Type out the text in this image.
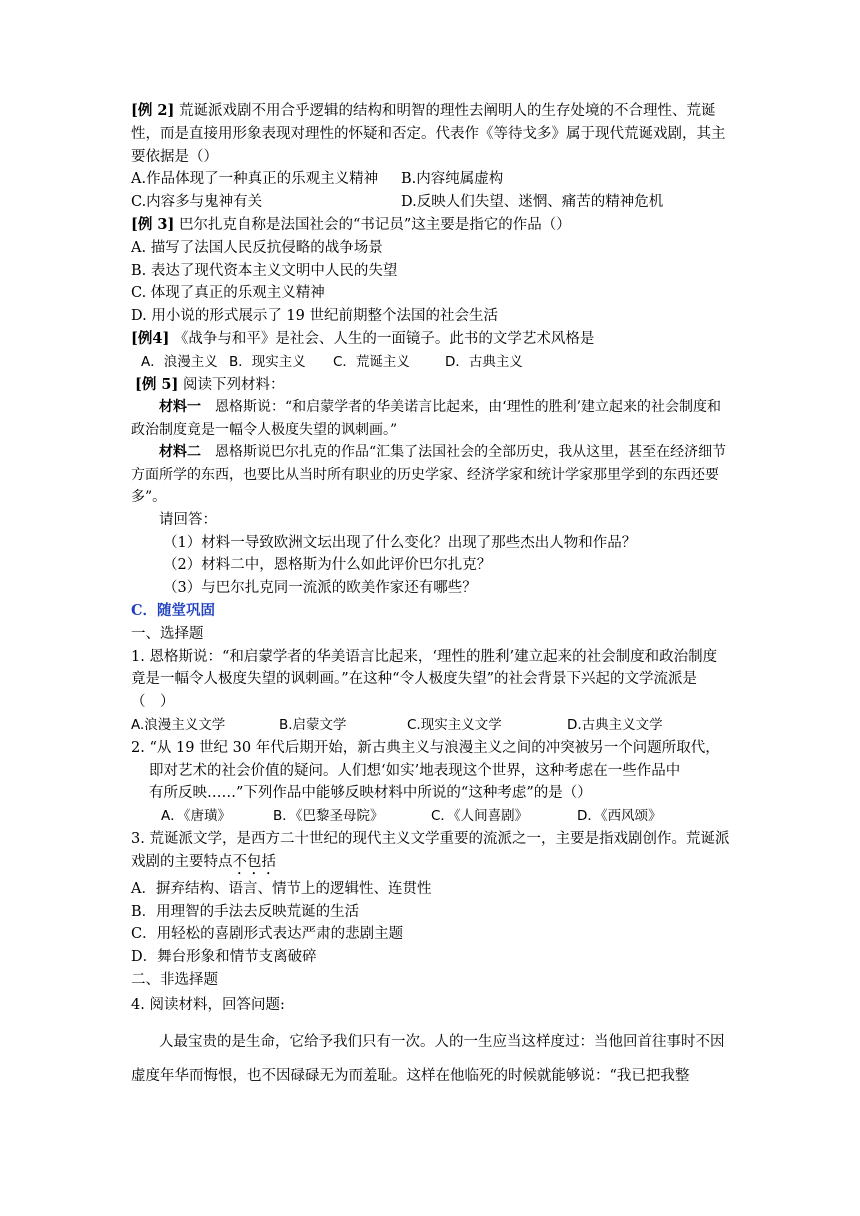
[例 2] 荒诞派戏剧不用合乎逻辑的结构和明智的理性去阐明人的生存处境的不合理性、荒诞性，而是直接用形象表现对理性的怀疑和否定。代表作《等待戈多》属于现代荒诞戏剧，其主要依据是（）
A.作品体现了一种真正的乐观主义精神	B.内容纯属虚构
C.内容多与鬼神有关	D.反映人们失望、迷惘、痛苦的精神危机
[例 3] 巴尔扎克自称是法国社会的“书记员”这主要是指它的作品（）
A. 描写了法国人民反抗侵略的战争场景
B. 表达了现代资本主义文明中人民的失望
C. 体现了真正的乐观主义精神
D. 用小说的形式展示了 19 世纪前期整个法国的社会生活
[例4] 《战争与和平》是社会、人生的一面镜子。此书的文学艺术风格是
A．浪漫主义 B．现实主义	C．荒诞主义	D．古典主义
[例 5] 阅读下列材料：
材料一　 恩格斯说：“和启蒙学者的华美诺言比起来，由‘理性的胜利’建立起来的社会制度和政治制度竟是一幅令人极度失望的讽刺画。”
材料二　 恩格斯说巴尔扎克的作品“汇集了法国社会的全部历史，我从这里，甚至在经济细节方面所学的东西，也要比从当时所有职业的历史学家、经济学家和统计学家那里学到的东西还要多”。
请回答：
（1）材料一导致欧洲文坛出现了什么变化？出现了那些杰出人物和作品？
（2）材料二中，恩格斯为什么如此评价巴尔扎克？
（3）与巴尔扎克同一流派的欧美作家还有哪些？
C．随堂巩固
一、选择题
1. 恩格斯说：“和启蒙学者的华美语言比起来，‘理性的胜利’建立起来的社会制度和政治制度竟是一幅令人极度失望的讽刺画。”在这种“令人极度失望”的社会背景下兴起的文学流派是（　）
A.浪漫主义文学	B.启蒙文学	C.现实主义文学	D.古典主义文学
2. “从 19 世纪 30 年代后期开始，新古典主义与浪漫主义之间的冲突被另一个问题所取代，
即对艺术的社会价值的疑问。人们想‘如实’地表现这个世界，这种考虑在一些作品中
有所反映……”下列作品中能够反映材料中所说的“这种考虑”的是（）
A．《唐璜》	B．《巴黎圣母院》	C．《人间喜剧》	D．《西风颂》
3. 荒诞派文学，是西方二十世纪的现代主义文学重要的流派之一，主要是指戏剧创作。荒诞派戏剧的主要特点不包括
A．摒弃结构、语言、情节上的逻辑性、连贯性
B．用理智的手法去反映荒诞的生活
C．用轻松的喜剧形式表达严肃的悲剧主题
D．舞台形象和情节支离破碎
二、非选择题
4. 阅读材料，回答问题:
人最宝贵的是生命，它给予我们只有一次。人的一生应当这样度过：当他回首往事时不因虚度年华而悔恨，也不因碌碌无为而羞耻。这样在他临死的时候就能够说：“我已把我整
